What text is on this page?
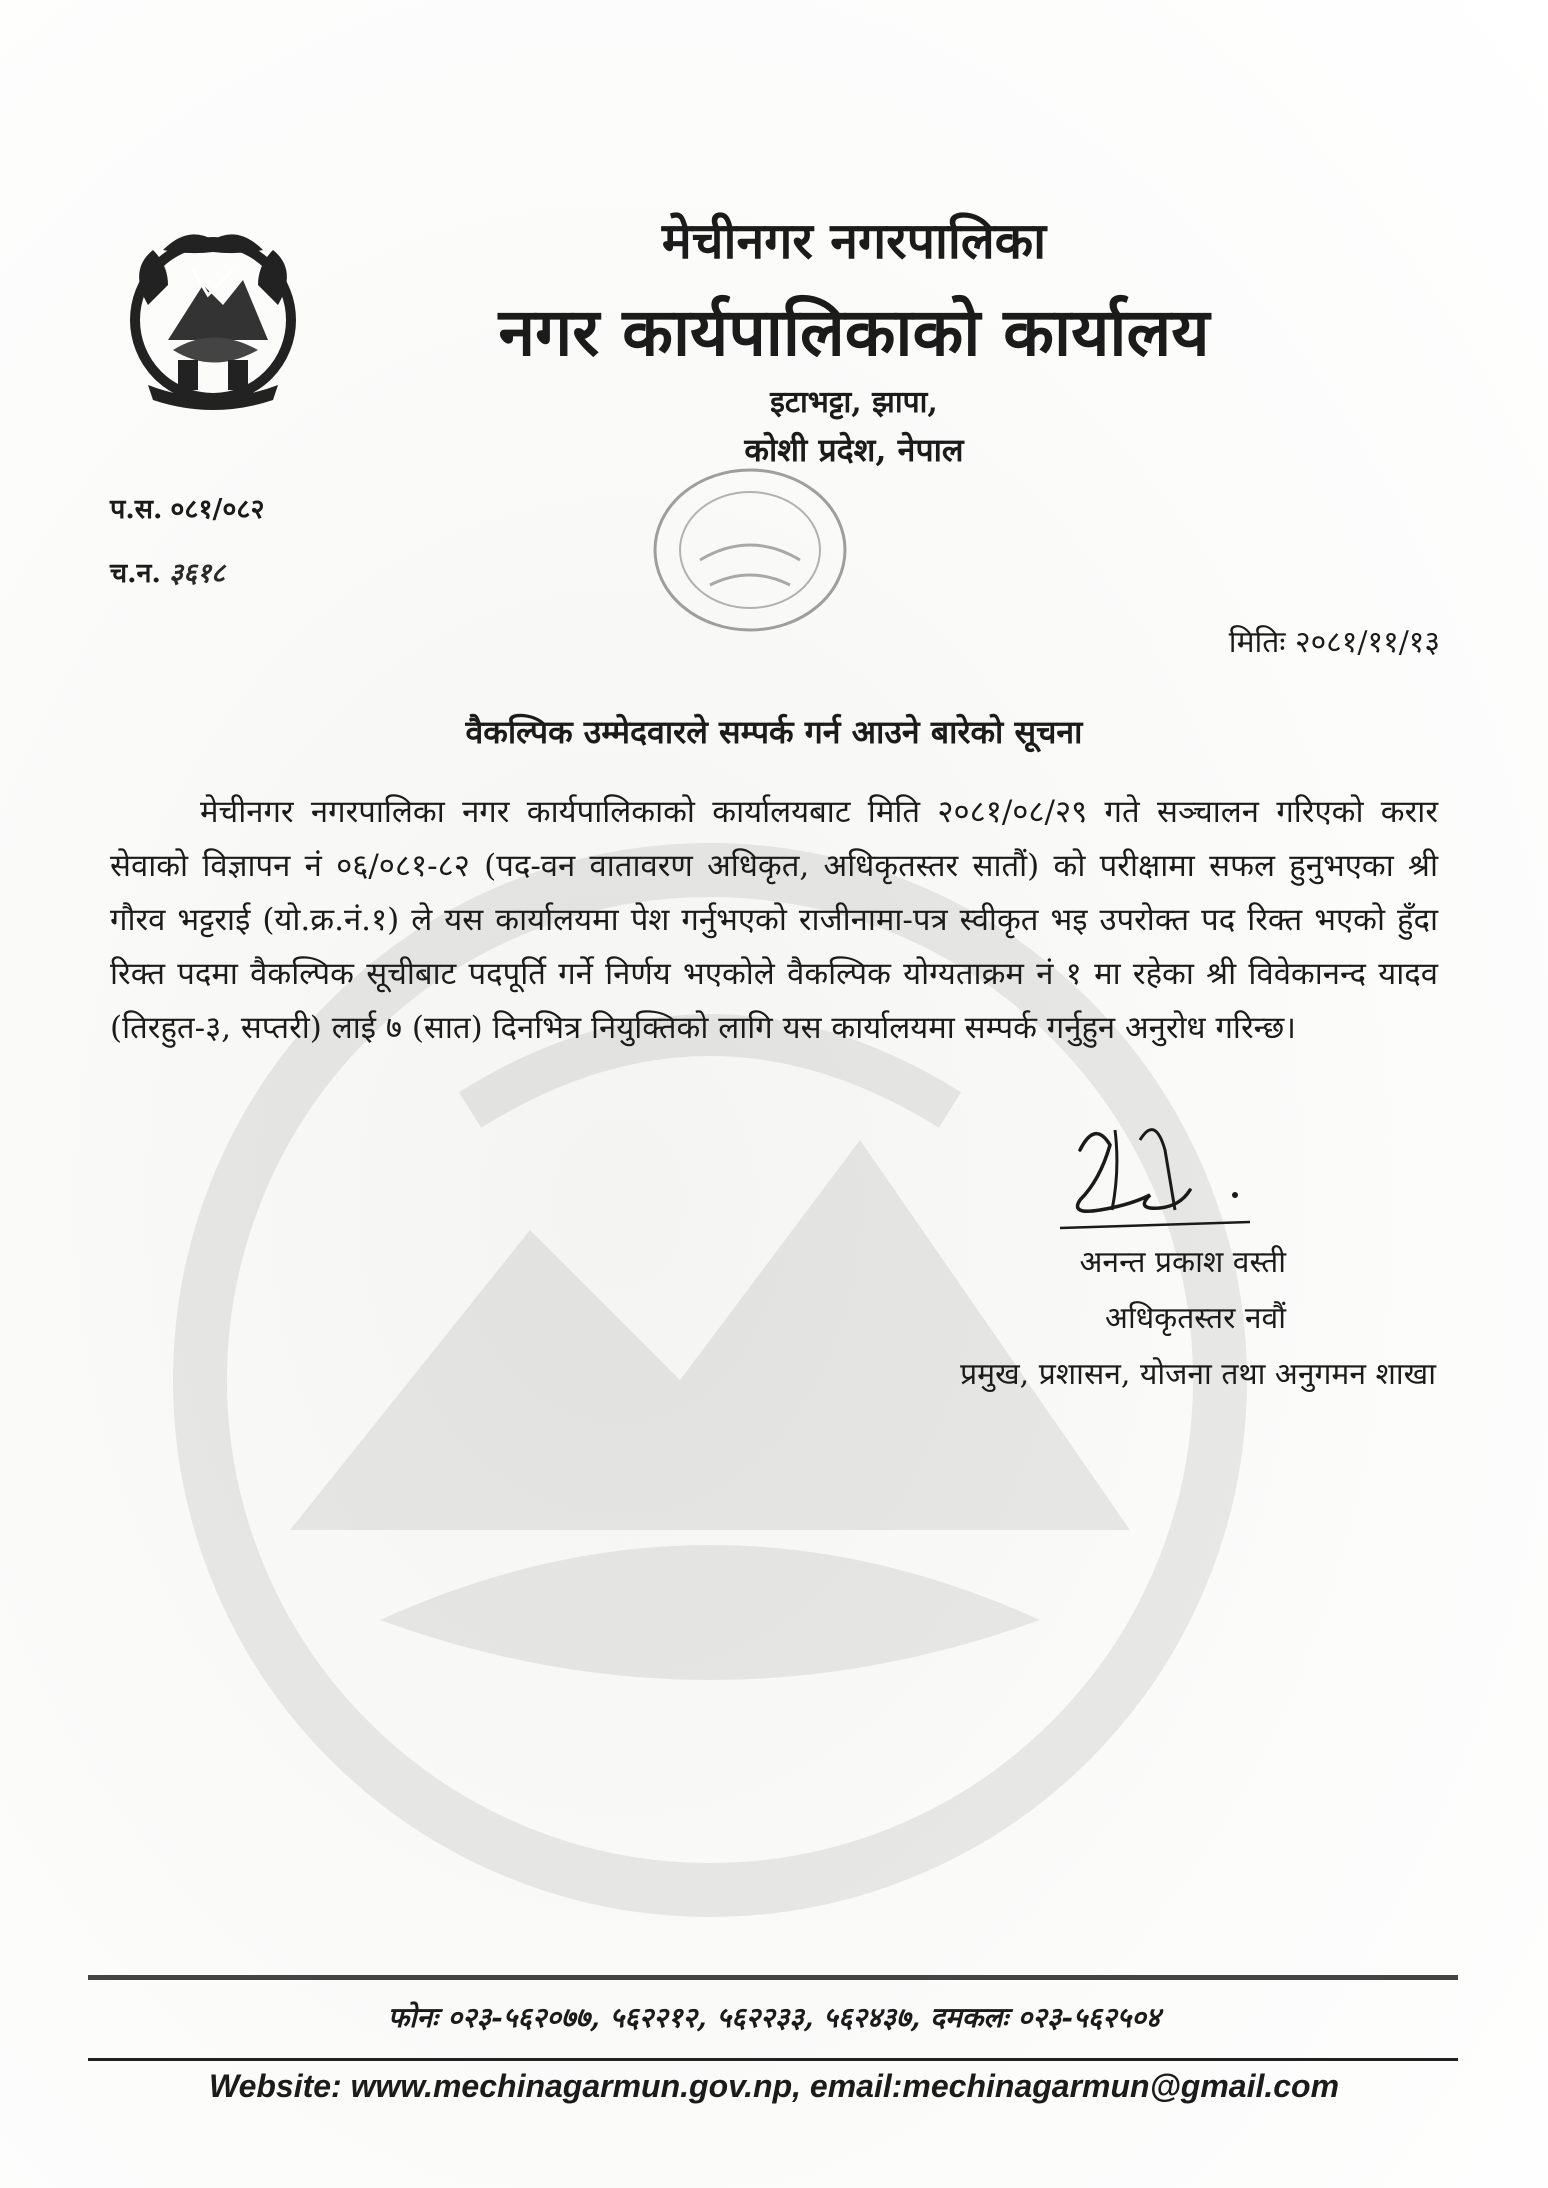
मेचीनगर नगरपालिका
नगर कार्यपालिकाको कार्यालय
इटाभट्टा, झापा,
कोशी प्रदेश, नेपाल
प.स. ०८१/०८२
च.न. ३६१८
मितिः २०८१/११/१३
वैकल्पिक उम्मेदवारले सम्पर्क गर्न आउने बारेको सूचना
मेचीनगर नगरपालिका नगर कार्यपालिकाको कार्यालयबाट मिति २०८१/०८/२९ गते सञ्चालन गरिएको करार सेवाको विज्ञापन नं ०६/०८१-८२ (पद-वन वातावरण अधिकृत, अधिकृतस्तर सातौं) को परीक्षामा सफल हुनुभएका श्री गौरव भट्टराई (यो.क्र.नं.१) ले यस कार्यालयमा पेश गर्नुभएको राजीनामा-पत्र स्वीकृत भइ उपरोक्त पद रिक्त भएको हुँदा रिक्त पदमा वैकल्पिक सूचीबाट पदपूर्ति गर्ने निर्णय भएकोले वैकल्पिक योग्यताक्रम नं १ मा रहेका श्री विवेकानन्द यादव (तिरहुत-३, सप्तरी) लाई ७ (सात) दिनभित्र नियुक्तिको लागि यस कार्यालयमा सम्पर्क गर्नुहुन अनुरोध गरिन्छ।
अनन्त प्रकाश वस्ती
अधिकृतस्तर नवौं
प्रमुख, प्रशासन, योजना तथा अनुगमन शाखा
फोनः ०२३-५६२०७७, ५६२२१२, ५६२२३३, ५६२४३७, दमकलः ०२३-५६२५०४
Website: www.mechinagarmun.gov.np, email:mechinagarmun@gmail.com
